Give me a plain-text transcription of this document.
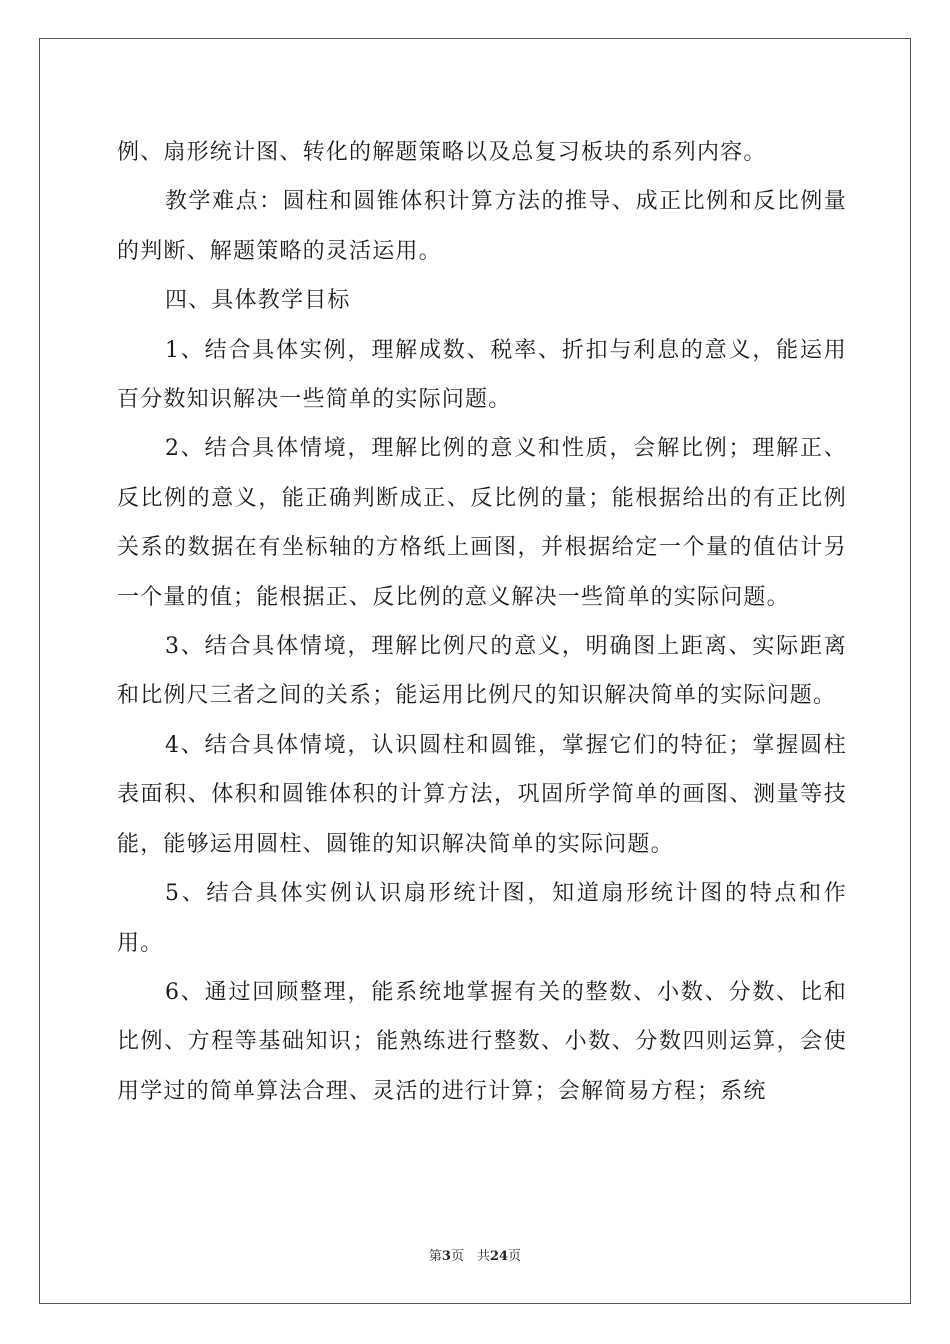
例、扇形统计图、转化的解题策略以及总复习板块的系列内容。

教学难点：圆柱和圆锥体积计算方法的推导、成正比例和反比例量的判断、解题策略的灵活运用。

四、具体教学目标

1、结合具体实例，理解成数、税率、折扣与利息的意义，能运用百分数知识解决一些简单的实际问题。

2、结合具体情境，理解比例的意义和性质，会解比例；理解正、反比例的意义，能正确判断成正、反比例的量；能根据给出的有正比例关系的数据在有坐标轴的方格纸上画图，并根据给定一个量的值估计另一个量的值；能根据正、反比例的意义解决一些简单的实际问题。

3、结合具体情境，理解比例尺的意义，明确图上距离、实际距离和比例尺三者之间的关系；能运用比例尺的知识解决简单的实际问题。

4、结合具体情境，认识圆柱和圆锥，掌握它们的特征；掌握圆柱表面积、体积和圆锥体积的计算方法，巩固所学简单的画图、测量等技能，能够运用圆柱、圆锥的知识解决简单的实际问题。

5、结合具体实例认识扇形统计图，知道扇形统计图的特点和作用。

6、通过回顾整理，能系统地掌握有关的整数、小数、分数、比和比例、方程等基础知识；能熟练进行整数、小数、分数四则运算，会使用学过的简单算法合理、灵活的进行计算；会解简易方程；系统

第3页　共24页
